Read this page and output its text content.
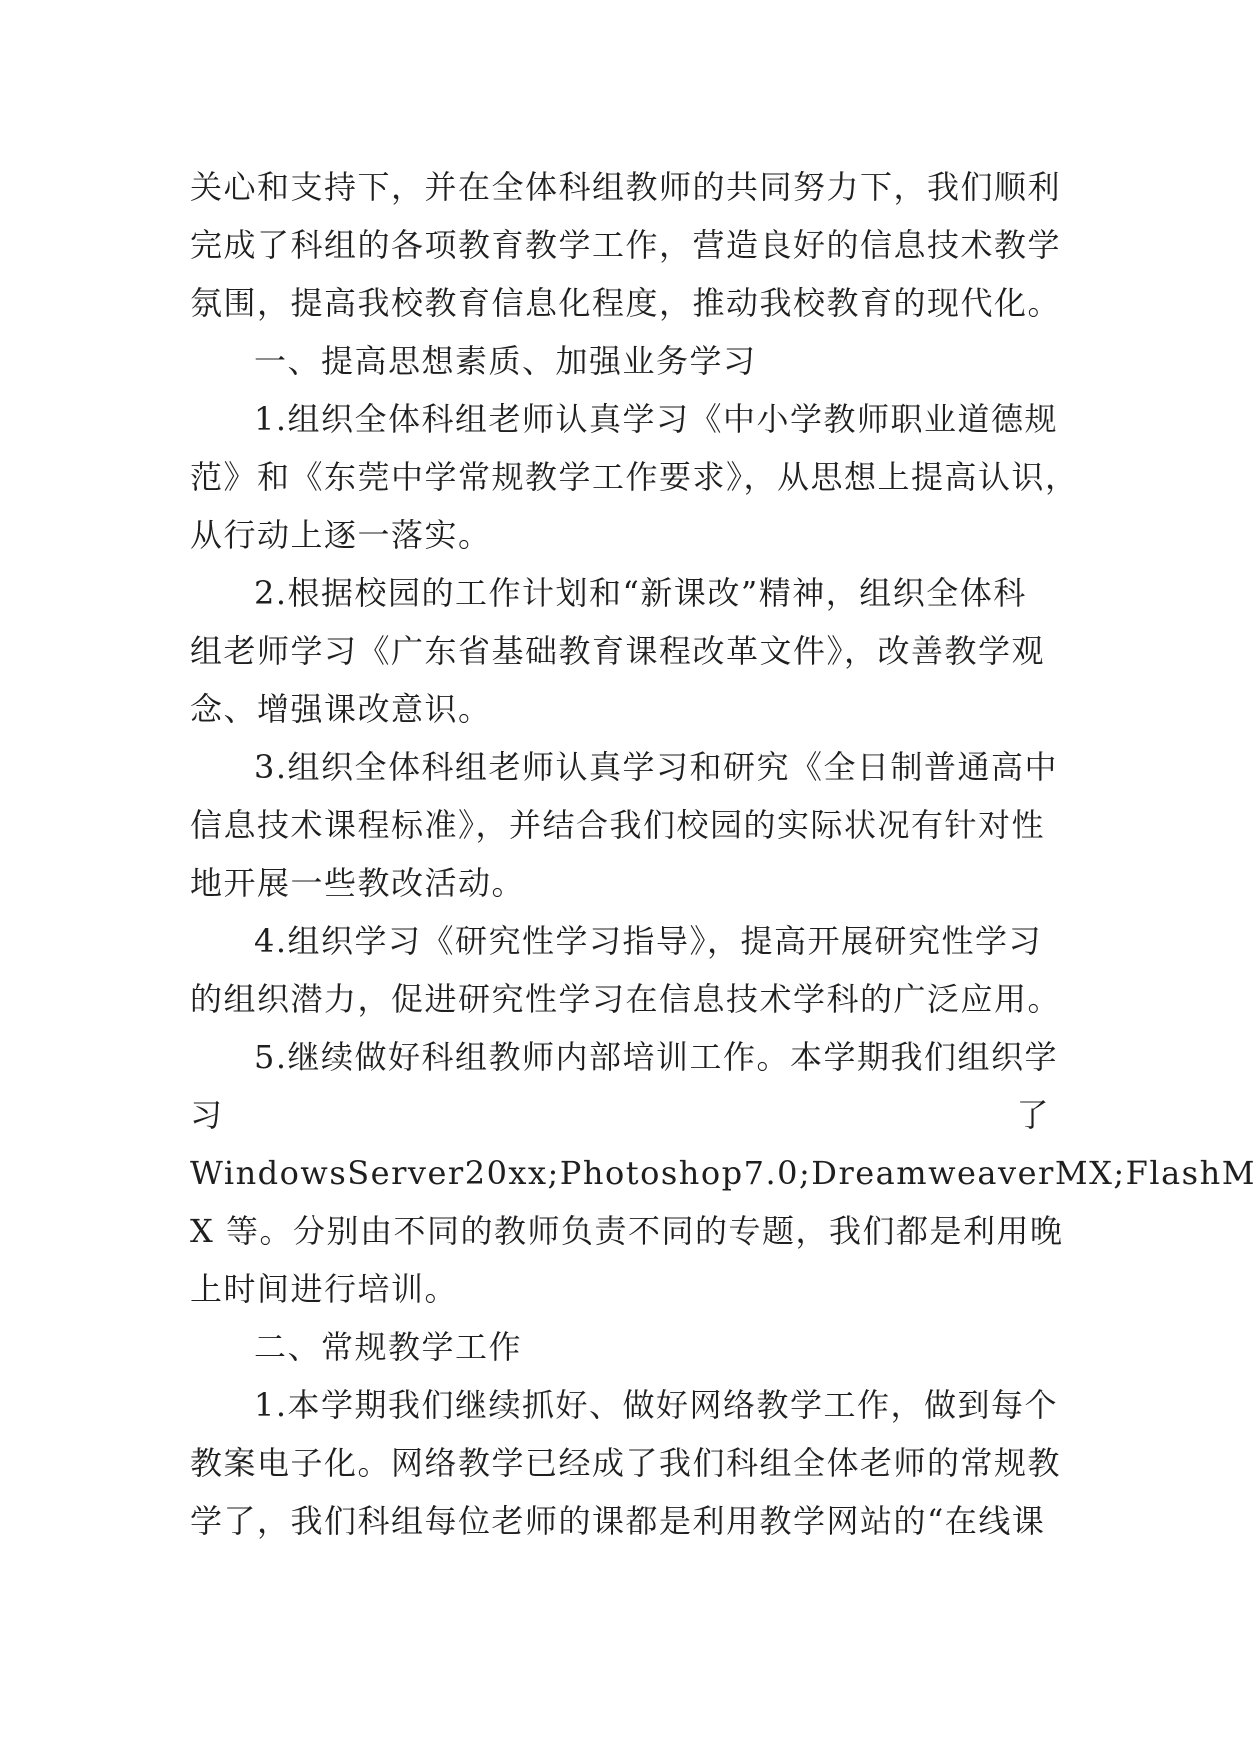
关心和支持下，并在全体科组教师的共同努力下，我们顺利
完成了科组的各项教育教学工作，营造良好的信息技术教学
氛围，提高我校教育信息化程度，推动我校教育的现代化。
一、提高思想素质、加强业务学习
1.组织全体科组老师认真学习《中小学教师职业道德规
范》和《东莞中学常规教学工作要求》，从思想上提高认识，
从行动上逐一落实。
2.根据校园的工作计划和“新课改”精神，组织全体科
组老师学习《广东省基础教育课程改革文件》，改善教学观
念、增强课改意识。
3.组织全体科组老师认真学习和研究《全日制普通高中
信息技术课程标准》，并结合我们校园的实际状况有针对性
地开展一些教改活动。
4.组织学习《研究性学习指导》，提高开展研究性学习
的组织潜力，促进研究性学习在信息技术学科的广泛应用。
5.继续做好科组教师内部培训工作。本学期我们组织学
习	了
WindowsServer20xx;Photoshop7.0;DreamweaverMX;FlashM
X 等。分别由不同的教师负责不同的专题，我们都是利用晚
上时间进行培训。
二、常规教学工作
1.本学期我们继续抓好、做好网络教学工作，做到每个
教案电子化。网络教学已经成了我们科组全体老师的常规教
学了，我们科组每位老师的课都是利用教学网站的“在线课
